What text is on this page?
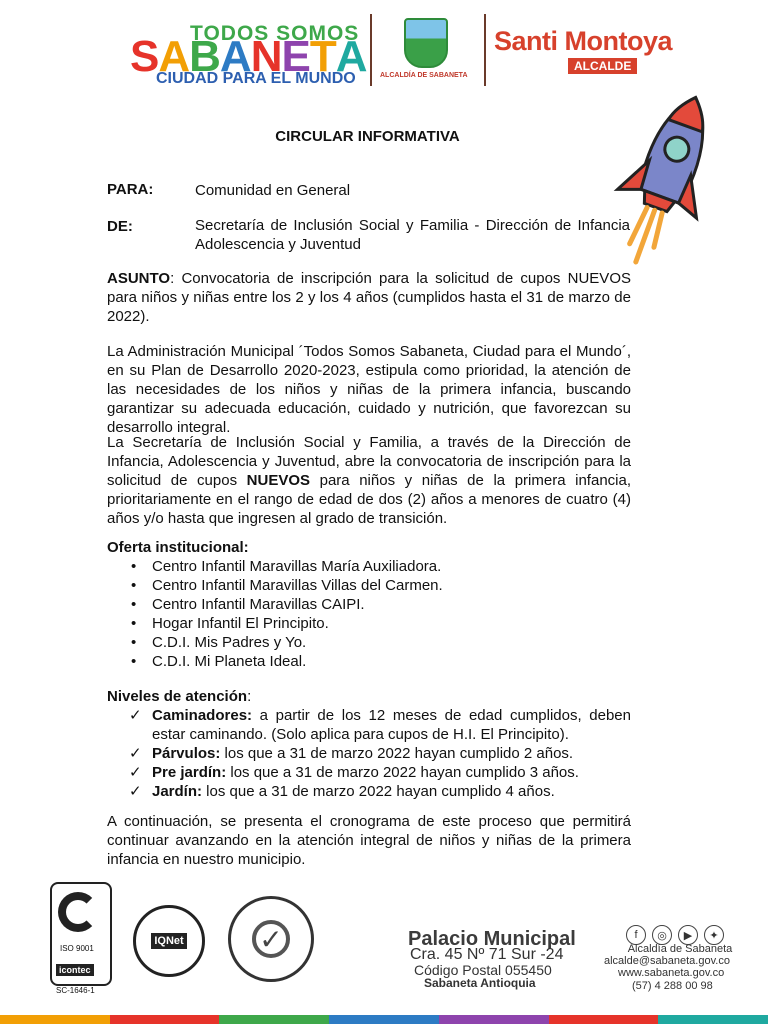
TODOS SOMOS
SABANETA
CIUDAD PARA EL MUNDO	ALCALDÍA DE SABANETA
Santi Montoya
ALCALDE
CIRCULAR INFORMATIVA
PARA:	Comunidad en General
DE:	Secretaría de Inclusión Social y Familia - Dirección de Infancia Adolescencia y Juventud
ASUNTO: Convocatoria de inscripción para la solicitud de cupos NUEVOS para niños y niñas entre los 2 y los 4 años (cumplidos hasta el 31 de marzo de 2022).
La Administración Municipal ´Todos Somos Sabaneta, Ciudad para el Mundo´, en su Plan de Desarrollo 2020-2023, estipula como prioridad, la atención de las necesidades de los niños y niñas de la primera infancia, buscando garantizar su adecuada educación, cuidado y nutrición, que favorezcan su desarrollo integral.
La Secretaría de Inclusión Social y Familia, a través de la Dirección de Infancia, Adolescencia y Juventud, abre la convocatoria de inscripción para la solicitud de cupos NUEVOS para niños y niñas de la primera infancia, prioritariamente en el rango de edad de dos (2) años a menores de cuatro (4) años y/o hasta que ingresen al grado de transición.
Oferta institucional:
• Centro Infantil Maravillas María Auxiliadora.
• Centro Infantil Maravillas Villas del Carmen.
• Centro Infantil Maravillas CAIPI.
• Hogar Infantil El Principito.
• C.D.I. Mis Padres y Yo.
• C.D.I. Mi Planeta Ideal.
Niveles de atención:
✓ Caminadores: a partir de los 12 meses de edad cumplidos, deben estar caminando. (Solo aplica para cupos de H.I. El Principito).
✓ Párvulos: los que a 31 de marzo 2022 hayan cumplido 2 años.
✓ Pre jardín: los que a 31 de marzo 2022 hayan cumplido 3 años.
✓ Jardín: los que a 31 de marzo 2022 hayan cumplido 4 años.
A continuación, se presenta el cronograma de este proceso que permitirá continuar avanzando en la atención integral de niños y niñas de la primera infancia en nuestro municipio.
ISO 9001
icontec
SC-1646-1
IQNet	✓	Palacio Municipal
Cra. 45 Nº 71 Sur -24
Código Postal 055450
Sabaneta Antioquia
f	◎	▶	✦
Alcaldía de Sabaneta
alcalde@sabaneta.gov.co
www.sabaneta.gov.co
(57) 4 288 00 98
